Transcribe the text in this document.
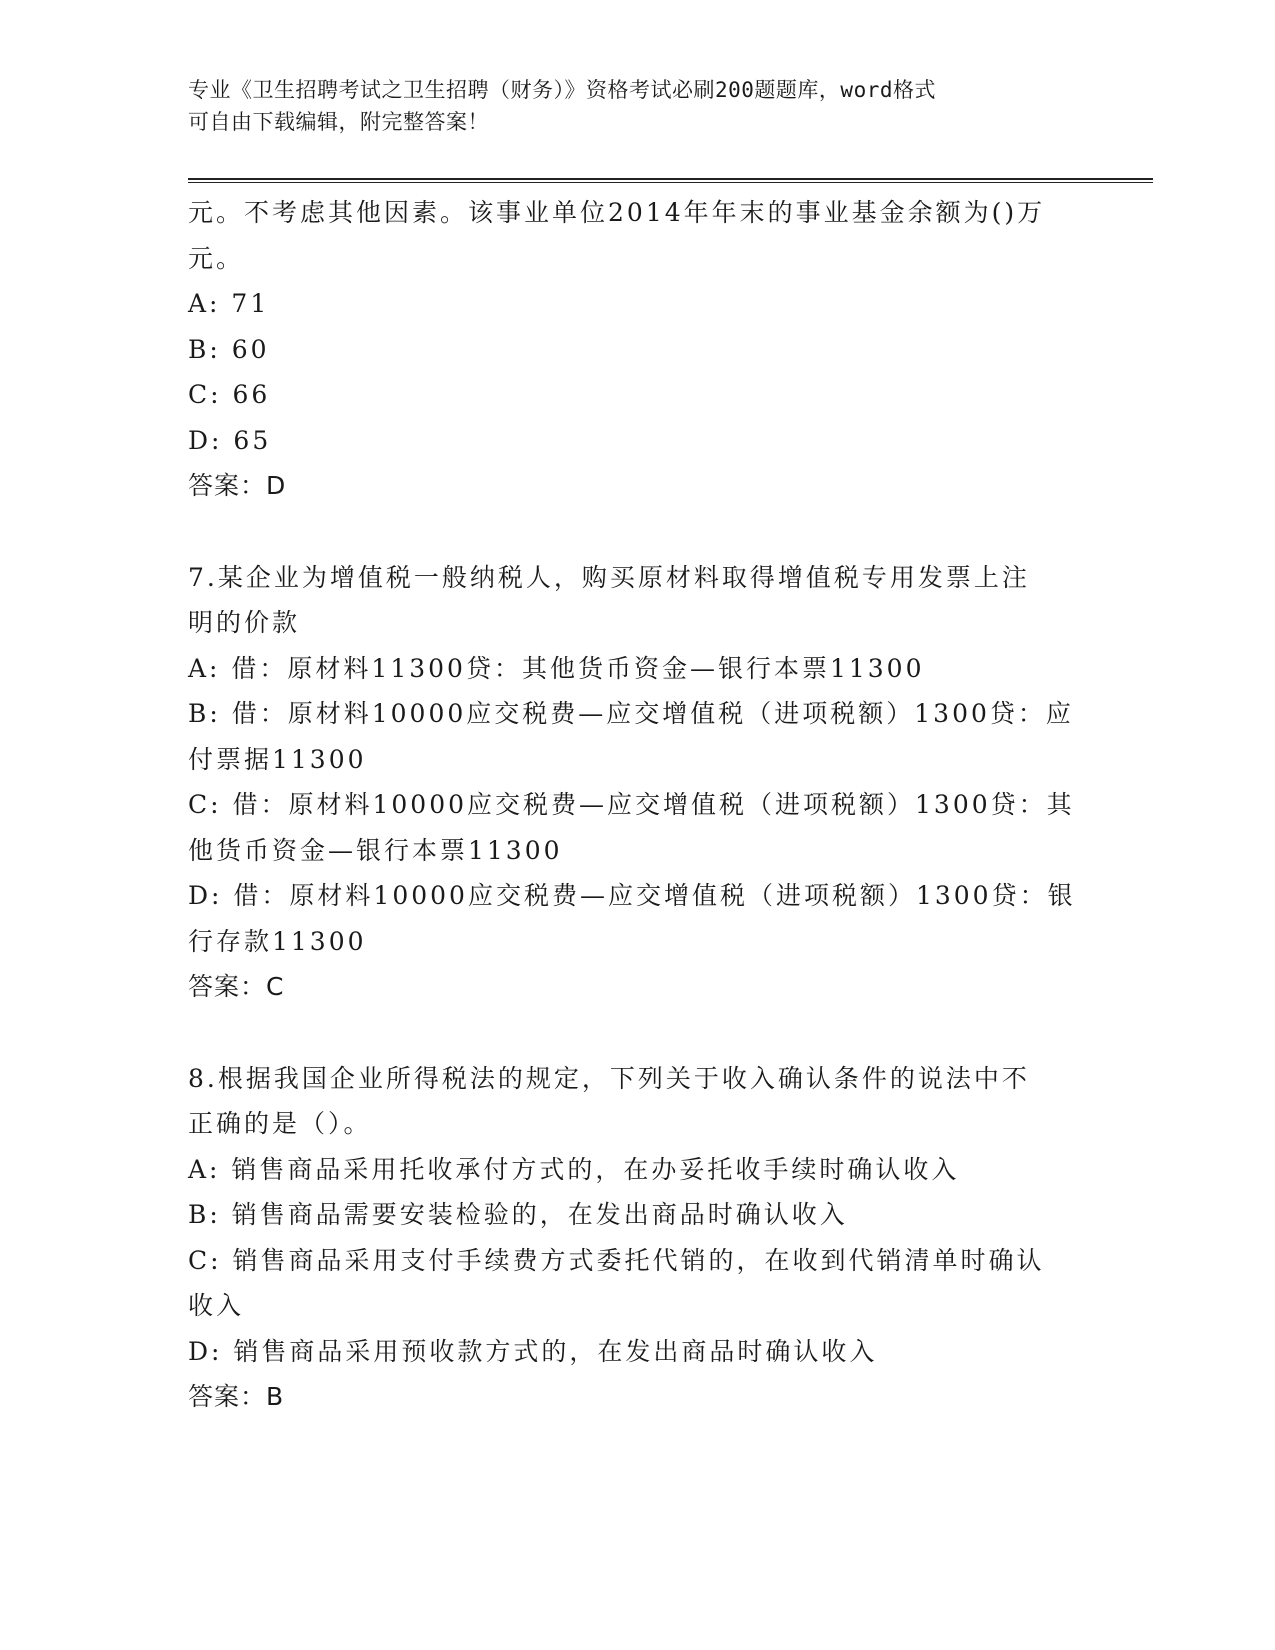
专业《卫生招聘考试之卫生招聘（财务）》资格考试必刷200题题库，word格式
可自由下载编辑，附完整答案！
元。不考虑其他因素。该事业单位2014年年末的事业基金余额为()万
元。
A: 71
B: 60
C: 66
D: 65
答案：D
7.某企业为增值税一般纳税人，购买原材料取得增值税专用发票上注
明的价款
A: 借：原材料11300贷：其他货币资金—银行本票11300
B: 借：原材料10000应交税费—应交增值税（进项税额）1300贷：应
付票据11300
C: 借：原材料10000应交税费—应交增值税（进项税额）1300贷：其
他货币资金—银行本票11300
D: 借：原材料10000应交税费—应交增值税（进项税额）1300贷：银
行存款11300
答案：C
8.根据我国企业所得税法的规定，下列关于收入确认条件的说法中不
正确的是（）。
A: 销售商品采用托收承付方式的，在办妥托收手续时确认收入
B: 销售商品需要安装检验的，在发出商品时确认收入
C: 销售商品采用支付手续费方式委托代销的，在收到代销清单时确认
收入
D: 销售商品采用预收款方式的，在发出商品时确认收入
答案：B
